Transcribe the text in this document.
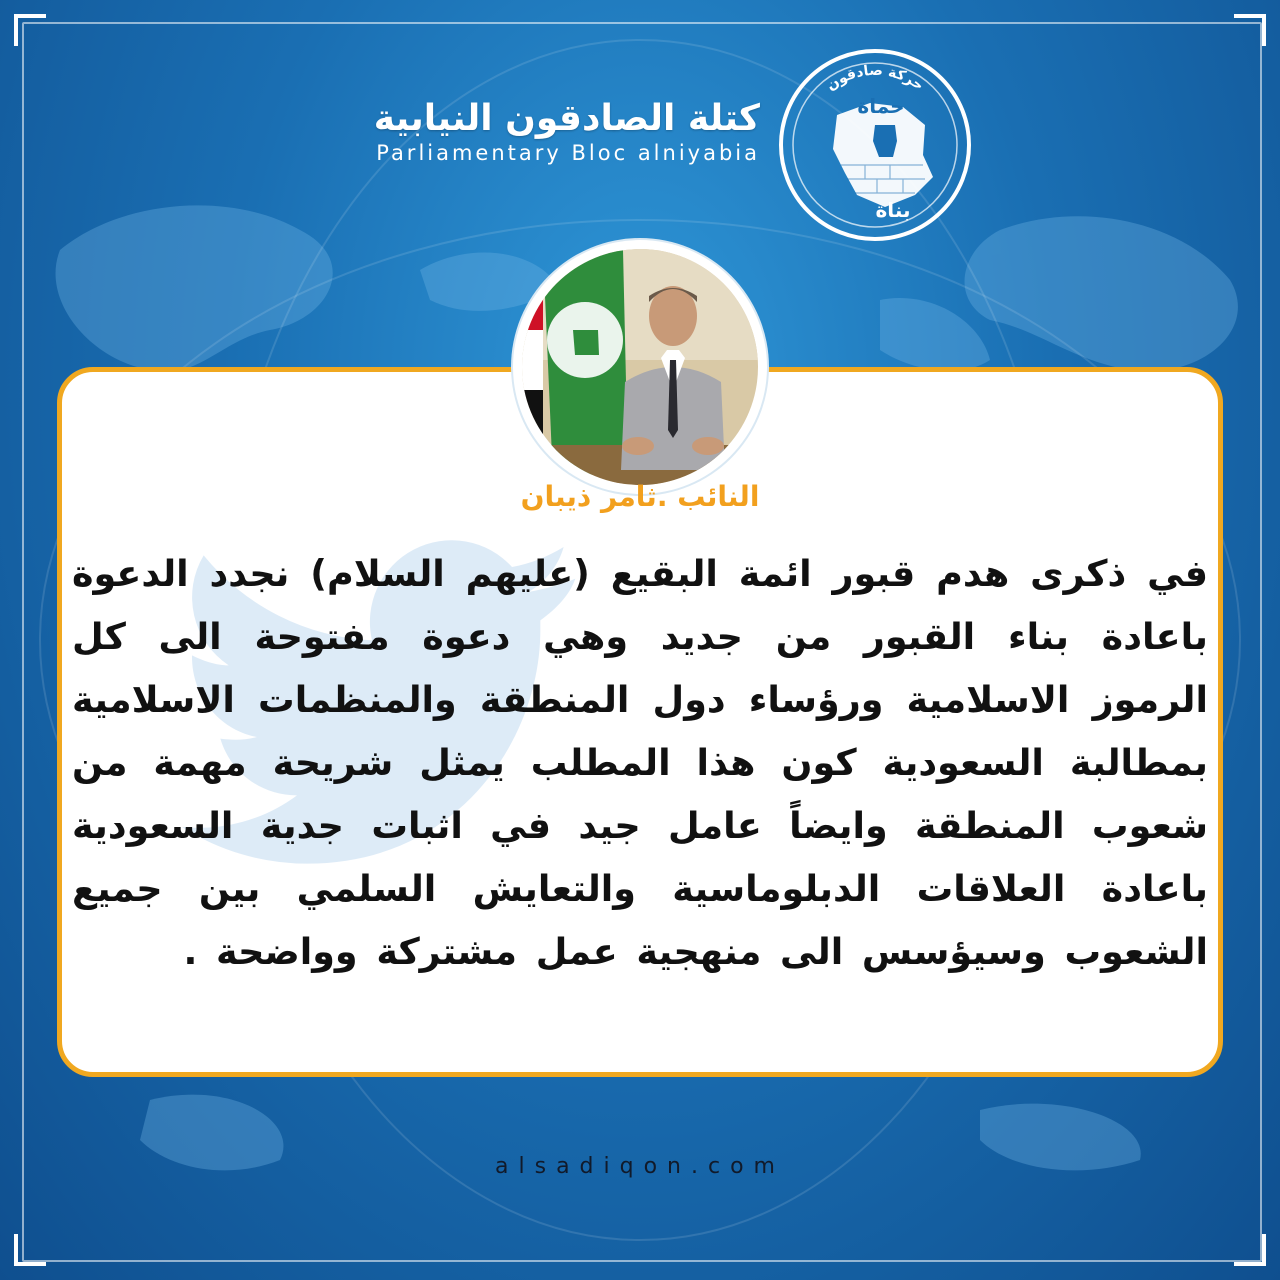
كتلة الصادقون النيابية
Parliamentary Bloc alniyabia
حركة صادقون
حماة
بناة
النائب .ثامر ذيبان
في ذكرى هدم قبور ائمة البقيع (عليهم السلام) نجدد الدعوة باعادة بناء القبور من جديد وهي دعوة مفتوحة الى كل الرموز الاسلامية ورؤساء دول المنطقة والمنظمات الاسلامية بمطالبة السعودية كون هذا المطلب يمثل شريحة مهمة من شعوب المنطقة وايضاً عامل جيد في اثبات جدية السعودية باعادة العلاقات الدبلوماسية والتعايش السلمي بين جميع الشعوب وسيؤسس الى منهجية عمل مشتركة وواضحة .
alsadiqon.com
